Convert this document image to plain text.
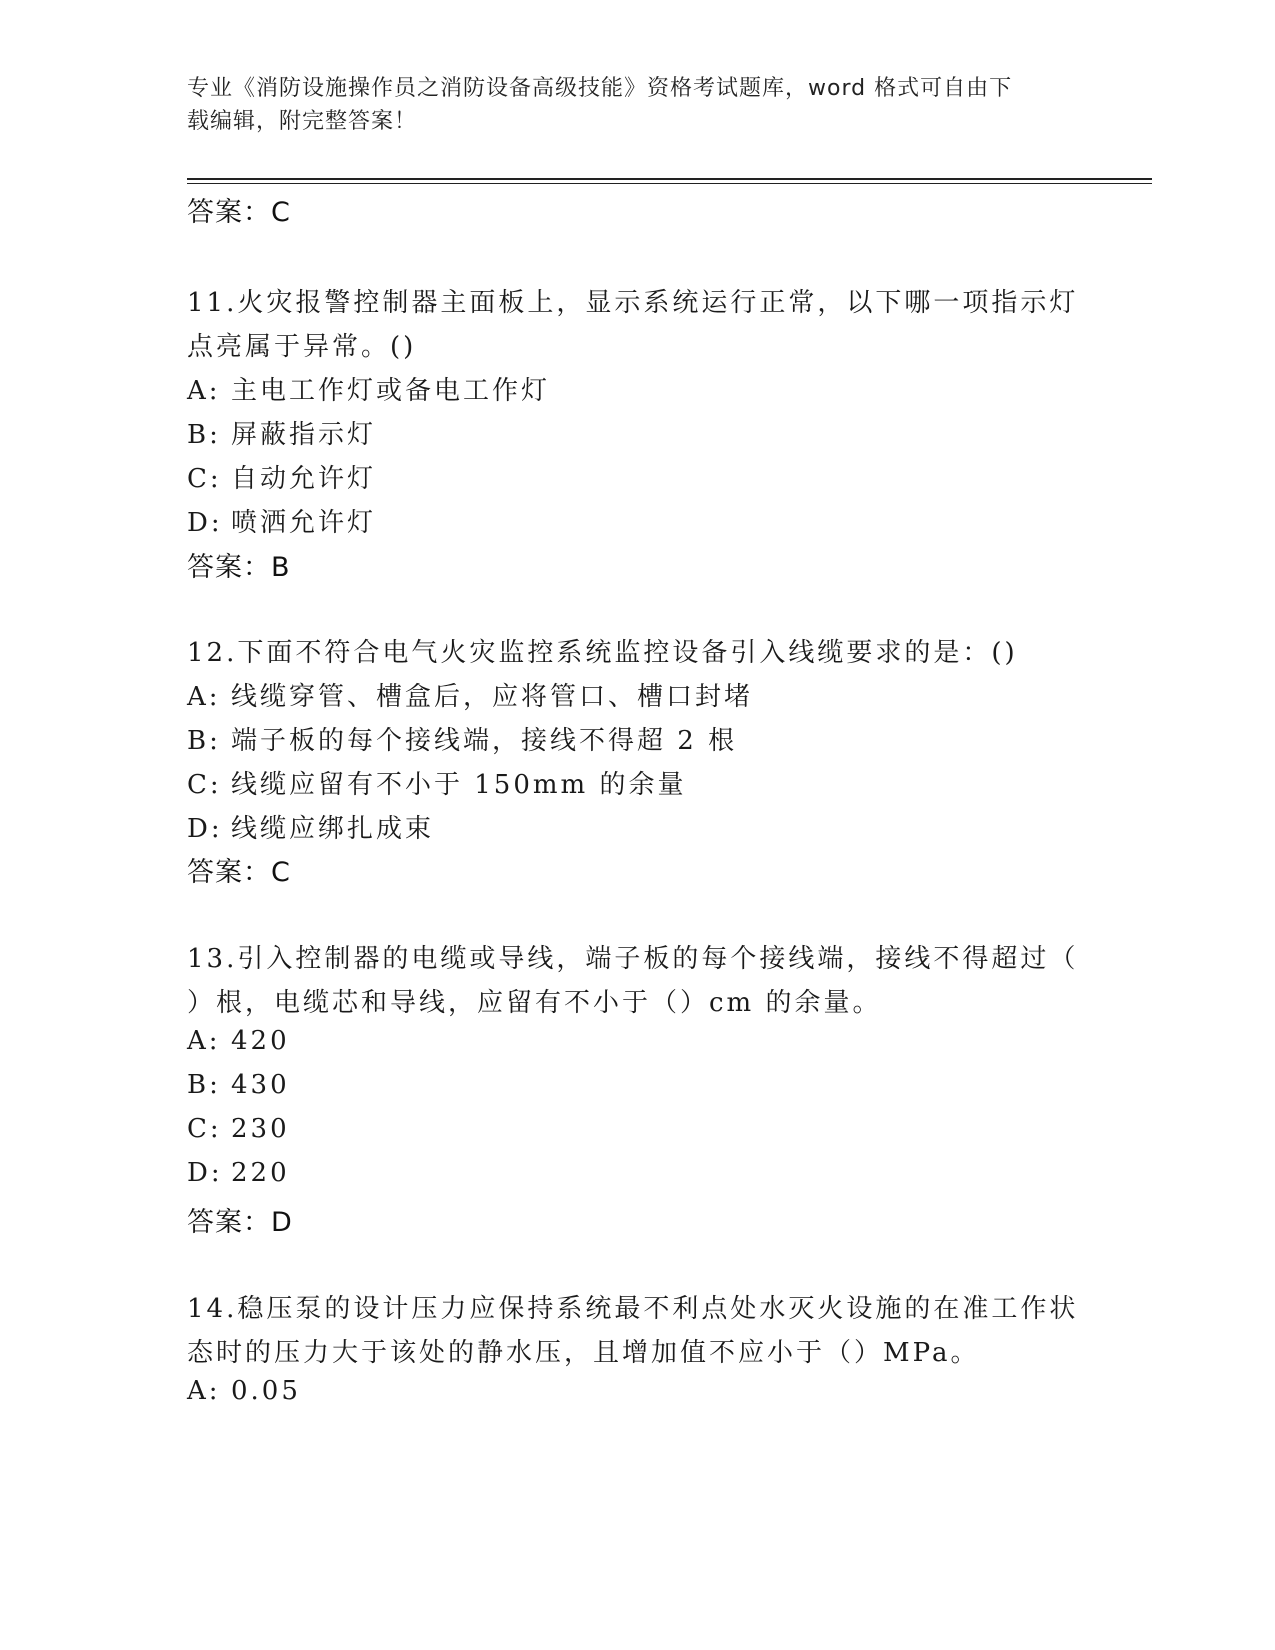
专业《消防设施操作员之消防设备高级技能》资格考试题库，word 格式可自由下
载编辑，附完整答案！
答案：C
11.火灾报警控制器主面板上，显示系统运行正常，以下哪一项指示灯
点亮属于异常。()
A: 主电工作灯或备电工作灯
B: 屏蔽指示灯
C: 自动允许灯
D: 喷洒允许灯
答案：B
12.下面不符合电气火灾监控系统监控设备引入线缆要求的是：()
A: 线缆穿管、槽盒后，应将管口、槽口封堵
B: 端子板的每个接线端，接线不得超 2 根
C: 线缆应留有不小于 150mm 的余量
D: 线缆应绑扎成束
答案：C
13.引入控制器的电缆或导线，端子板的每个接线端，接线不得超过（
）根，电缆芯和导线，应留有不小于（）cm 的余量。
A: 420
B: 430
C: 230
D: 220
答案：D
14.稳压泵的设计压力应保持系统最不利点处水灭火设施的在准工作状
态时的压力大于该处的静水压，且增加值不应小于（）MPa。
A: 0.05
